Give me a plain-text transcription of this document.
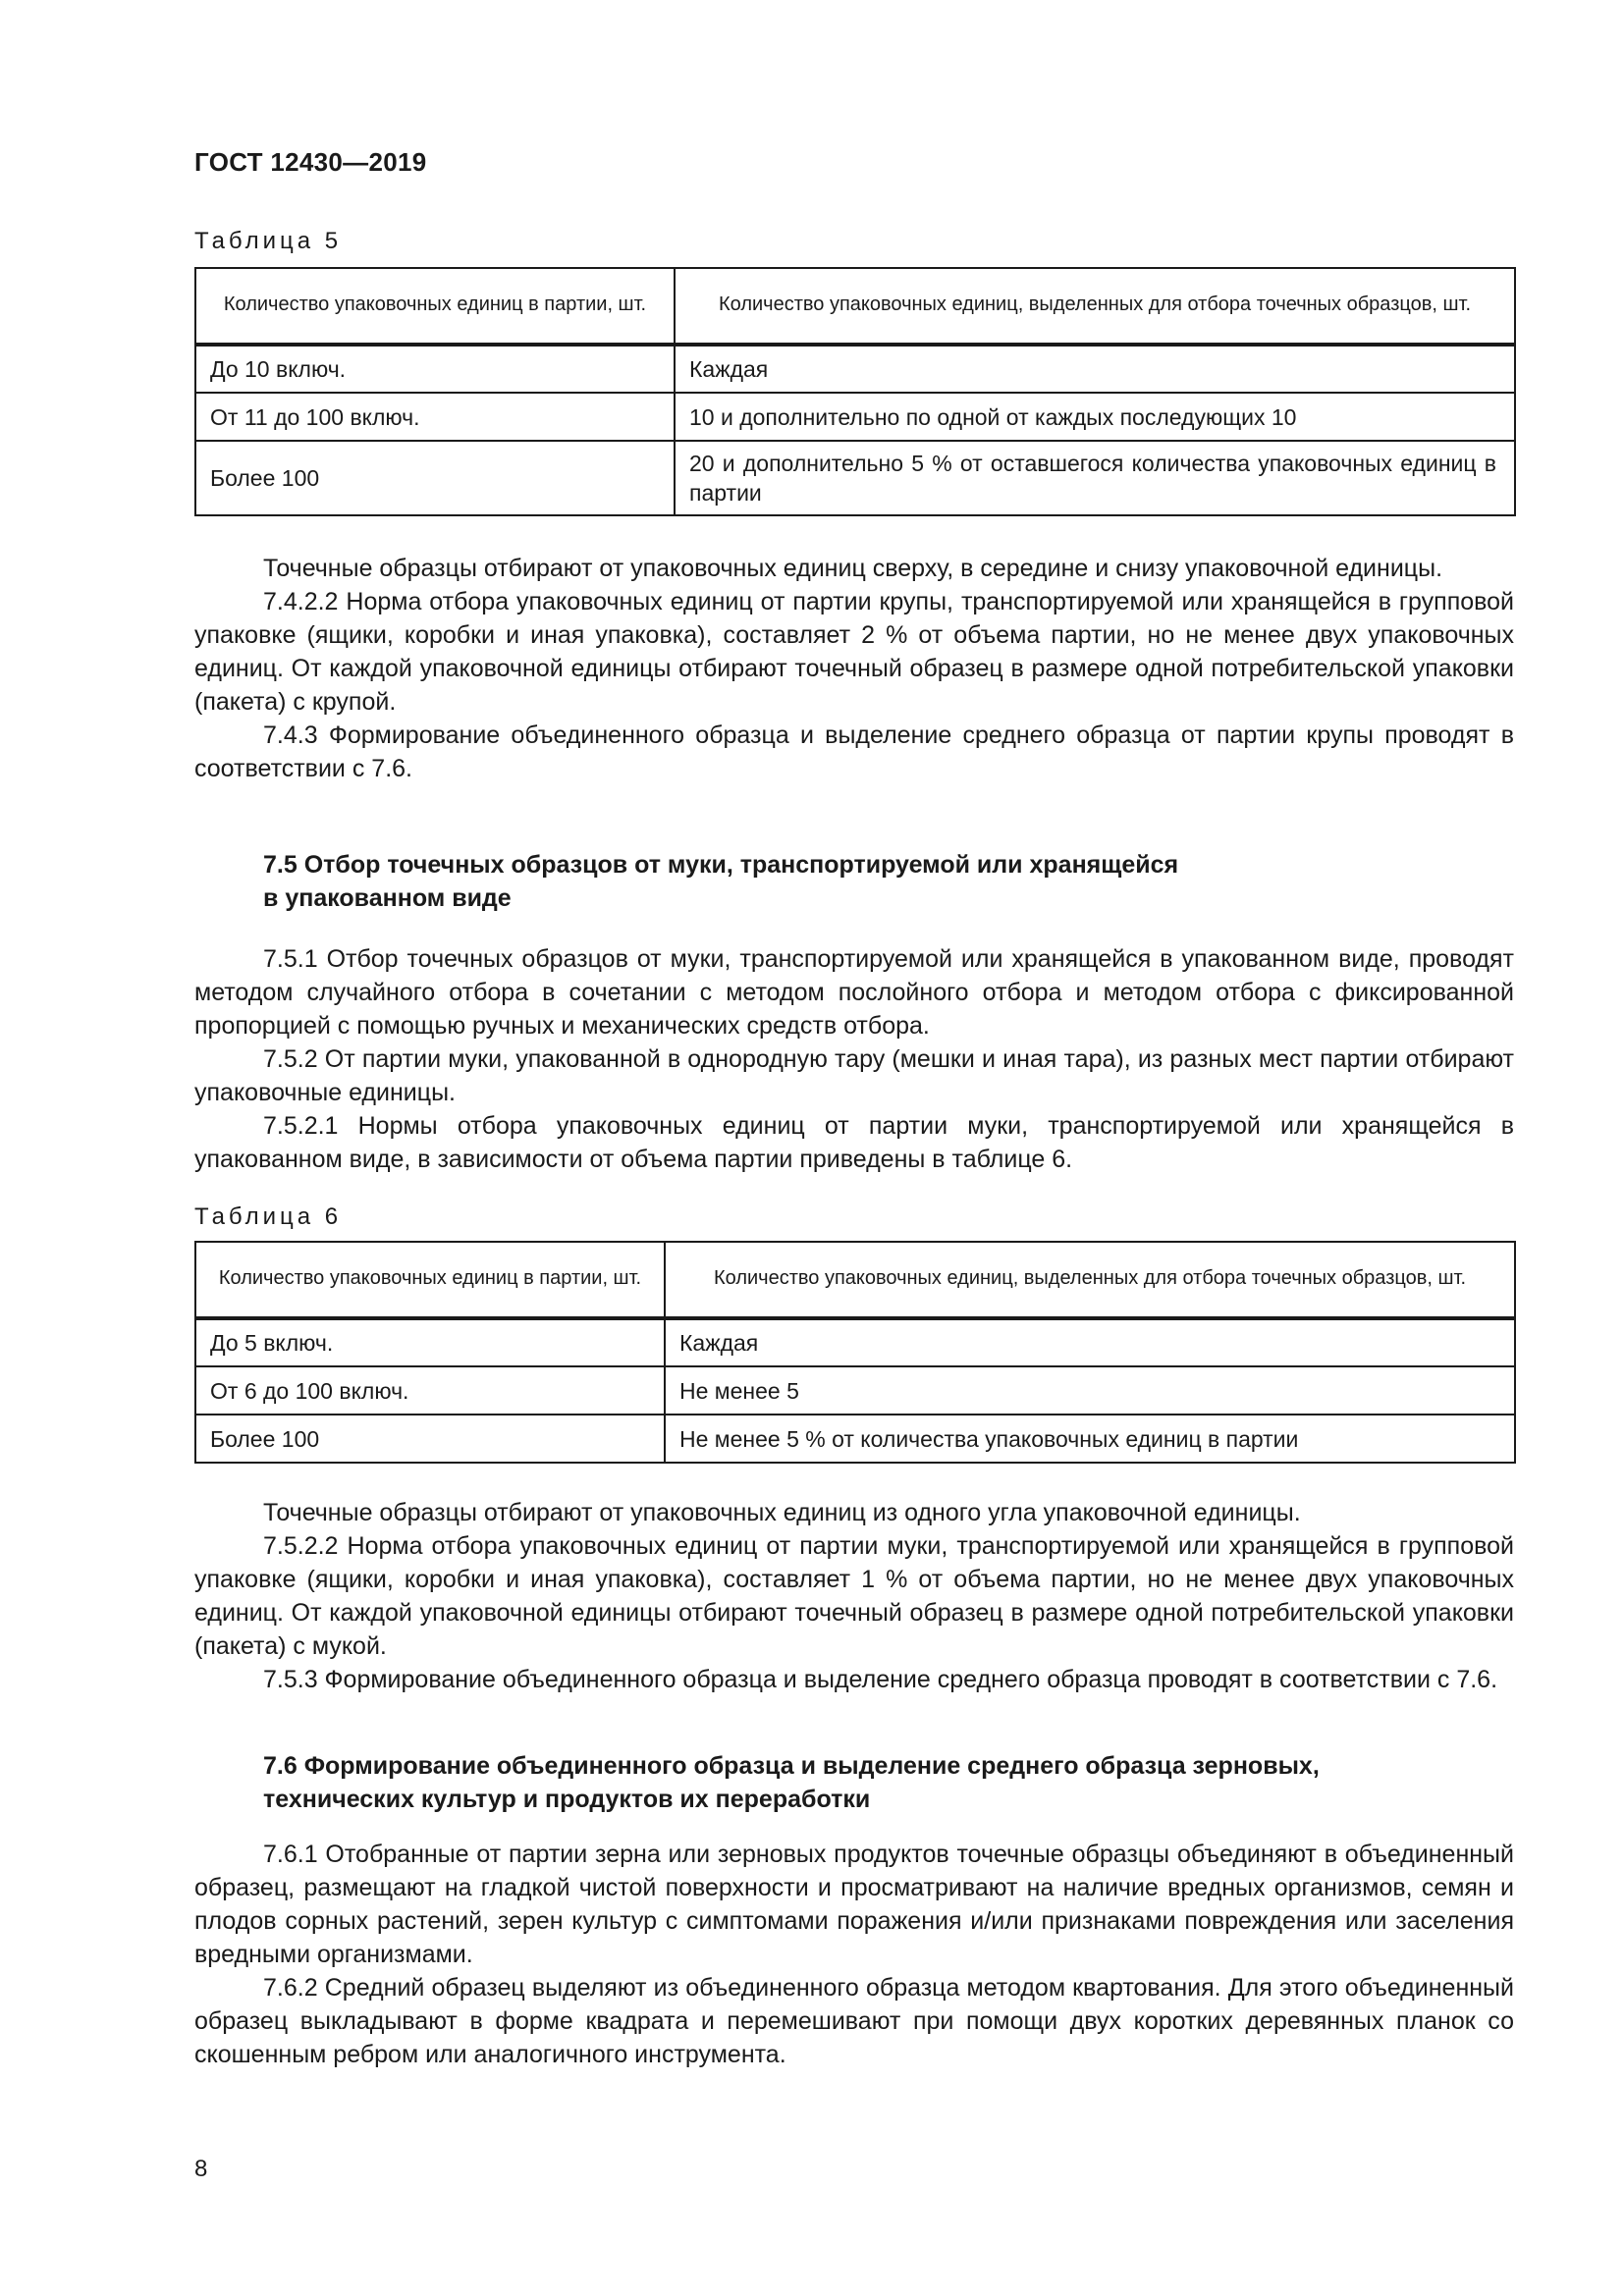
ГОСТ 12430—2019
Таблица 5
Количество упаковочных единиц в партии, шт.	Количество упаковочных единиц, выделенных для отбора точечных образцов, шт.
До 10 включ.	Каждая
От 11 до 100 включ.	10 и дополнительно по одной от каждых последующих 10
Более 100	20 и дополнительно 5 % от оставшегося количества упаковочных единиц в партии

Точечные образцы отбирают от упаковочных единиц сверху, в середине и снизу упаковочной единицы.

7.4.2.2 Норма отбора упаковочных единиц от партии крупы, транспортируемой или хранящейся в групповой упаковке (ящики, коробки и иная упаковка), составляет 2 % от объема партии, но не менее двух упаковочных единиц. От каждой упаковочной единицы отбирают точечный образец в размере одной потребительской упаковки (пакета) с крупой.

7.4.3 Формирование объединенного образца и выделение среднего образца от партии крупы проводят в соответствии с 7.6.

7.5 Отбор точечных образцов от муки, транспортируемой или хранящейся
в упакованном виде

7.5.1 Отбор точечных образцов от муки, транспортируемой или хранящейся в упакованном виде, проводят методом случайного отбора в сочетании с методом послойного отбора и методом отбора с фиксированной пропорцией с помощью ручных и механических средств отбора.

7.5.2 От партии муки, упакованной в однородную тару (мешки и иная тара), из разных мест партии отбирают упаковочные единицы.

7.5.2.1 Нормы отбора упаковочных единиц от партии муки, транспортируемой или хранящейся в упакованном виде, в зависимости от объема партии приведены в таблице 6.

Таблица 6
Количество упаковочных единиц в партии, шт.	Количество упаковочных единиц, выделенных для отбора точечных образцов, шт.
До 5 включ.	Каждая
От 6 до 100 включ.	Не менее 5
Более 100	Не менее 5 % от количества упаковочных единиц в партии

Точечные образцы отбирают от упаковочных единиц из одного угла упаковочной единицы.

7.5.2.2 Норма отбора упаковочных единиц от партии муки, транспортируемой или хранящейся в групповой упаковке (ящики, коробки и иная упаковка), составляет 1 % от объема партии, но не менее двух упаковочных единиц. От каждой упаковочной единицы отбирают точечный образец в размере одной потребительской упаковки (пакета) с мукой.

7.5.3 Формирование объединенного образца и выделение среднего образца проводят в соответствии с 7.6.

7.6 Формирование объединенного образца и выделение среднего образца зерновых,
технических культур и продуктов их переработки

7.6.1 Отобранные от партии зерна или зерновых продуктов точечные образцы объединяют в объединенный образец, размещают на гладкой чистой поверхности и просматривают на наличие вредных организмов, семян и плодов сорных растений, зерен культур с симптомами поражения и/или признаками повреждения или заселения вредными организмами.

7.6.2 Средний образец выделяют из объединенного образца методом квартования. Для этого объединенный образец выкладывают в форме квадрата и перемешивают при помощи двух коротких деревянных планок со скошенным ребром или аналогичного инструмента.

8
